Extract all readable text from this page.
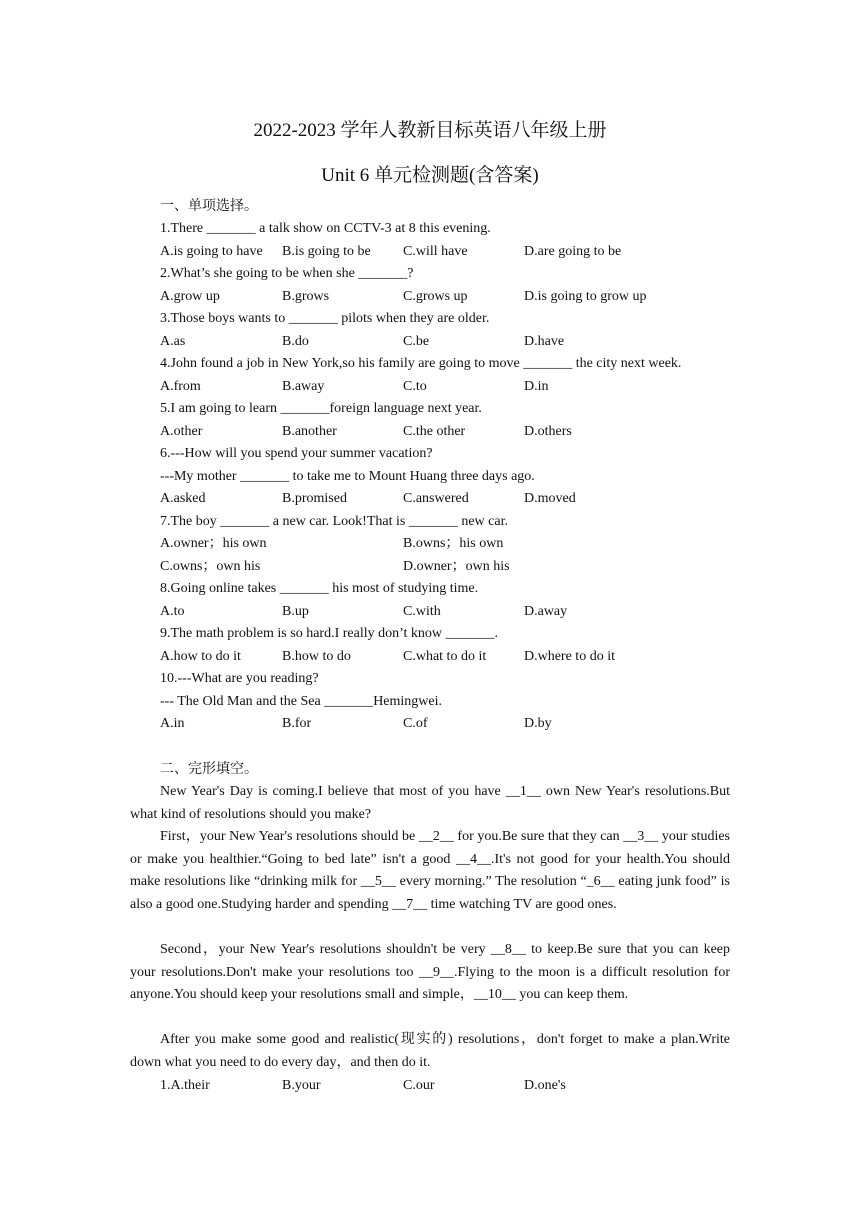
2022-2023 学年人教新目标英语八年级上册
Unit 6 单元检测题(含答案)
一、单项选择。
1.There _______ a talk show on CCTV-3 at 8 this evening.
A.is going to have B.is going to be C.will have	D.are going to be
2.What’s she going to be when she _______?
A.grow up	B.grows	C.grows up	D.is going to grow up
3.Those boys wants to _______ pilots when they are older.
A.as	B.do	C.be	D.have
4.John found a job in New York,so his family are going to move _______ the city next week.
A.from	B.away	C.to	D.in
5.I am going to learn _______foreign language next year.
A.other	B.another	C.the other	D.others
6.---How will you spend your summer vacation?
---My mother _______ to take me to Mount Huang three days ago.
A.asked	B.promised	C.answered	D.moved
7.The boy _______ a new car. Look!That is _______ new car.
A.owner；his own	B.owns；his own
C.owns；own his	D.owner；own his
8.Going online takes _______ his most of studying time.
A.to	B.up	C.with	D.away
9.The math problem is so hard.I really don’t know _______.
A.how to do it	B.how to do	C.what to do it	D.where to do it
10.---What are you reading?
--- The Old Man and the Sea _______Hemingwei.
A.in	B.for	C.of	D.by
二、完形填空。

New Year's Day is coming.I believe that most of you have __1__ own New Year's resolutions.But what kind of resolutions should you make?

First，your New Year's resolutions should be __2__ for you.Be sure that they can __3__ your studies or make you healthier.“Going to bed late” isn't a good __4__.It's not good for your health.You should make resolutions like “drinking milk for __5__ every morning.” The resolution “_6__ eating junk food” is also a good one.Studying harder and spending __7__ time watching TV are good ones.

Second，your New Year's resolutions shouldn't be very __8__ to keep.Be sure that you can keep your resolutions.Don't make your resolutions too __9__.Flying to the moon is a difficult resolution for anyone.You should keep your resolutions small and simple，__10__ you can keep them.

After you make some good and realistic(现实的) resolutions，don't forget to make a plan.Write down what you need to do every day，and then do it.

1.A.their	B.your	C.our	D.one's
